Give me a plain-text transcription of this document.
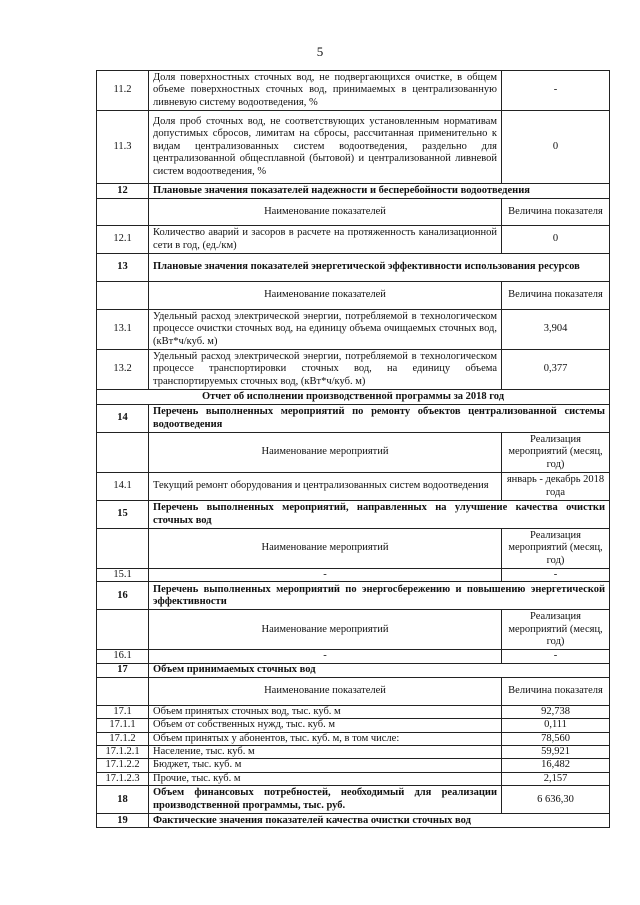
5
11.2	Доля поверхностных сточных вод, не подвергающихся очистке, в общем объеме поверхностных сточных вод, принимаемых в централизованную ливневую систему водоотведения, %	-
11.3	Доля проб сточных вод, не соответствующих установленным нормативам допустимых сбросов, лимитам на сбросы, рассчитанная применительно к видам централизованных систем водоотведения, раздельно для централизованной общесплавной (бытовой) и централизованной ливневой систем водоотведения, %	0
12	Плановые значения показателей надежности и бесперебойности водоотведения	
	Наименование показателей	Величина показателя
12.1	Количество аварий и засоров в расчете на протяженность канализационной сети в год, (ед./км)	0
13	Плановые значения показателей энергетической эффективности использования ресурсов	
	Наименование показателей	Величина показателя
13.1	Удельный расход электрической энергии, потребляемой в технологическом процессе очистки сточных вод, на единицу объема очищаемых сточных вод, (кВт*ч/куб. м)	3,904
13.2	Удельный расход электрической энергии, потребляемой в технологическом процессе транспортировки сточных вод, на единицу объема транспортируемых сточных вод, (кВт*ч/куб. м)	0,377
Отчет об исполнении производственной программы за 2018 год		
14	Перечень выполненных мероприятий по ремонту объектов централизованной системы водоотведения	
	Наименование мероприятий	Реализация мероприятий (месяц, год)
14.1	Текущий ремонт оборудования и централизованных систем водоотведения	январь - декабрь 2018 года
15	Перечень выполненных мероприятий, направленных на улучшение качества очистки сточных вод	
	Наименование мероприятий	Реализация мероприятий (месяц, год)
15.1	-	-
16	Перечень выполненных мероприятий по энергосбережению и повышению энергетической эффективности	
	Наименование мероприятий	Реализация мероприятий (месяц, год)
16.1	-	-
17	Объем принимаемых сточных вод	
	Наименование показателей	Величина показателя
17.1	Объем принятых сточных вод, тыс. куб. м	92,738
17.1.1	Объем от собственных нужд, тыс. куб. м	0,111
17.1.2	Объем принятых у абонентов, тыс. куб. м, в том числе:	78,560
17.1.2.1	Население, тыс. куб. м	59,921
17.1.2.2	Бюджет, тыс. куб. м	16,482
17.1.2.3	Прочие, тыс. куб. м	2,157
18	Объем финансовых потребностей, необходимый для реализации производственной программы, тыс. руб.	6 636,30
19	Фактические значения показателей качества очистки сточных вод	
